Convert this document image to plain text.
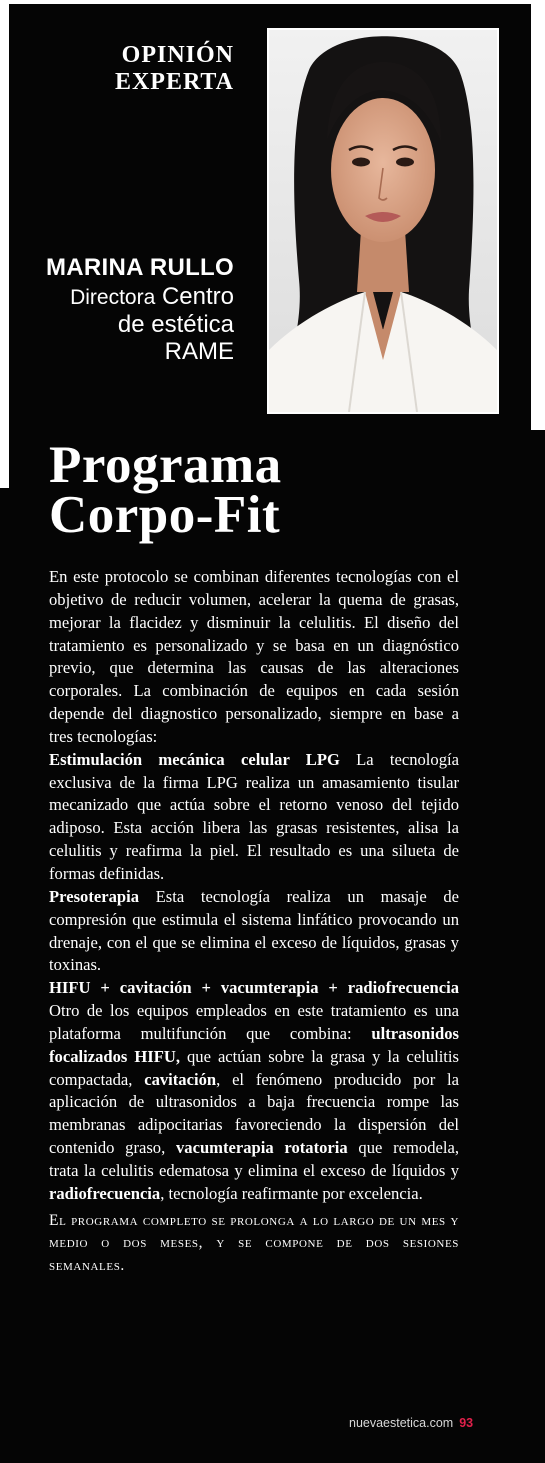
OPINIÓN
EXPERTA
MARINA RULLO
Directora Centro
de estética
RAME
Programa
Corpo-Fit

En este protocolo se combinan diferentes tecnologías con el objetivo de reducir volumen, acelerar la quema de grasas, mejorar la flacidez y disminuir la celulitis. El diseño del tratamiento es personalizado y se basa en un diagnóstico previo, que determina las causas de las alteraciones corporales. La combinación de equipos en cada sesión depende del diagnostico personalizado, siempre en base a tres tecnologías:

Estimulación mecánica celular LPG La tecnología exclusiva de la firma LPG realiza un amasamiento tisular mecanizado que actúa sobre el retorno venoso del tejido adiposo. Esta acción libera las grasas resistentes, alisa la celulitis y reafirma la piel. El resultado es una silueta de formas definidas.

Presoterapia Esta tecnología realiza un masaje de compresión que estimula el sistema linfático provocando un drenaje, con el que se elimina el exceso de líquidos, grasas y toxinas.

HIFU + cavitación + vacumterapia + radiofrecuencia Otro de los equipos empleados en este tratamiento es una plataforma multifunción que combina: ultrasonidos focalizados HIFU, que actúan sobre la grasa y la celulitis compactada, cavitación, el fenómeno producido por la aplicación de ultrasonidos a baja frecuencia rompe las membranas adipocitarias favoreciendo la dispersión del contenido graso, vacumterapia rotatoria que remodela, trata la celulitis edematosa y elimina el exceso de líquidos y radiofrecuencia, tecnología reafirmante por excelencia.

El programa completo se prolonga a lo largo de un mes y medio o dos meses, y se compone de dos sesiones semanales.

nuevaestetica.com 93
